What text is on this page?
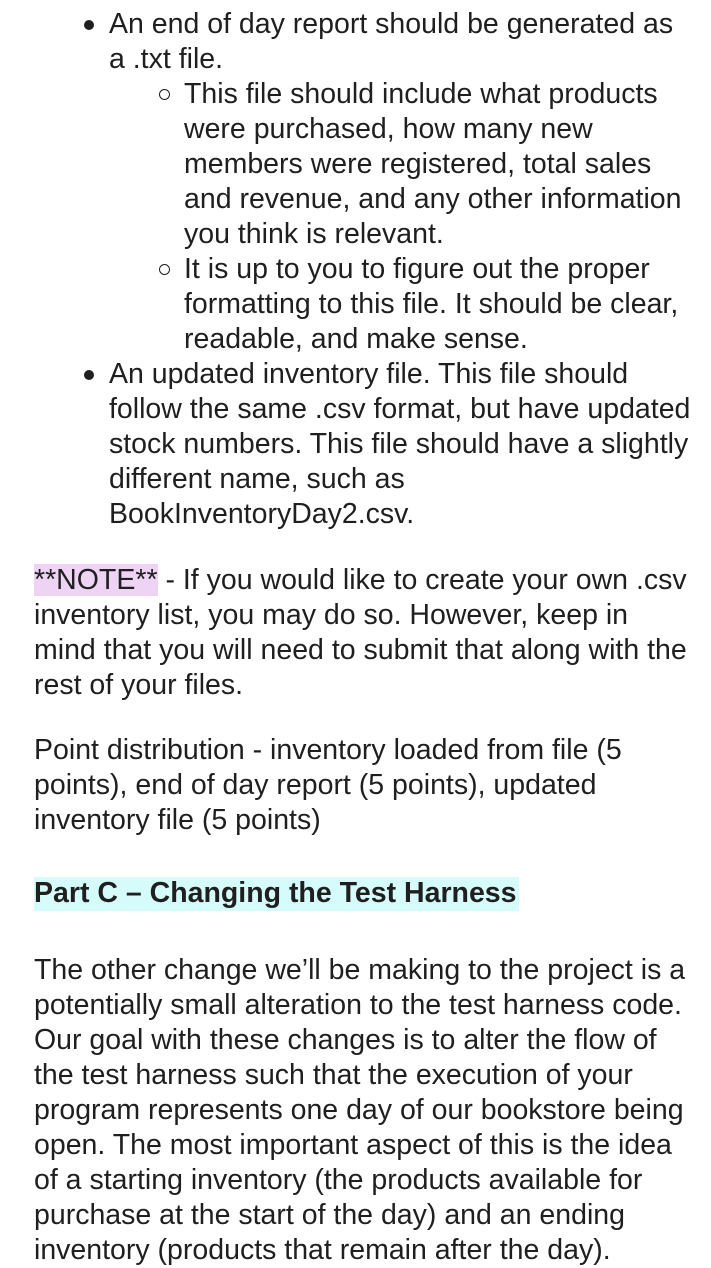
An end of day report should be generated as a .txt file.
This file should include what products were purchased, how many new members were registered, total sales and revenue, and any other information you think is relevant.
It is up to you to figure out the proper formatting to this file. It should be clear, readable, and make sense.
An updated inventory file. This file should follow the same .csv format, but have updated stock numbers. This file should have a slightly different name, such as BookInventoryDay2.csv.

**NOTE** - If you would like to create your own .csv inventory list, you may do so. However, keep in mind that you will need to submit that along with the rest of your files.

Point distribution - inventory loaded from file (5 points), end of day report (5 points), updated inventory file (5 points)

Part C – Changing the Test Harness

The other change we’ll be making to the project is a potentially small alteration to the test harness code. Our goal with these changes is to alter the flow of the test harness such that the execution of your program represents one day of our bookstore being open. The most important aspect of this is the idea of a starting inventory (the products available for purchase at the start of the day) and an ending inventory (products that remain after the day).
